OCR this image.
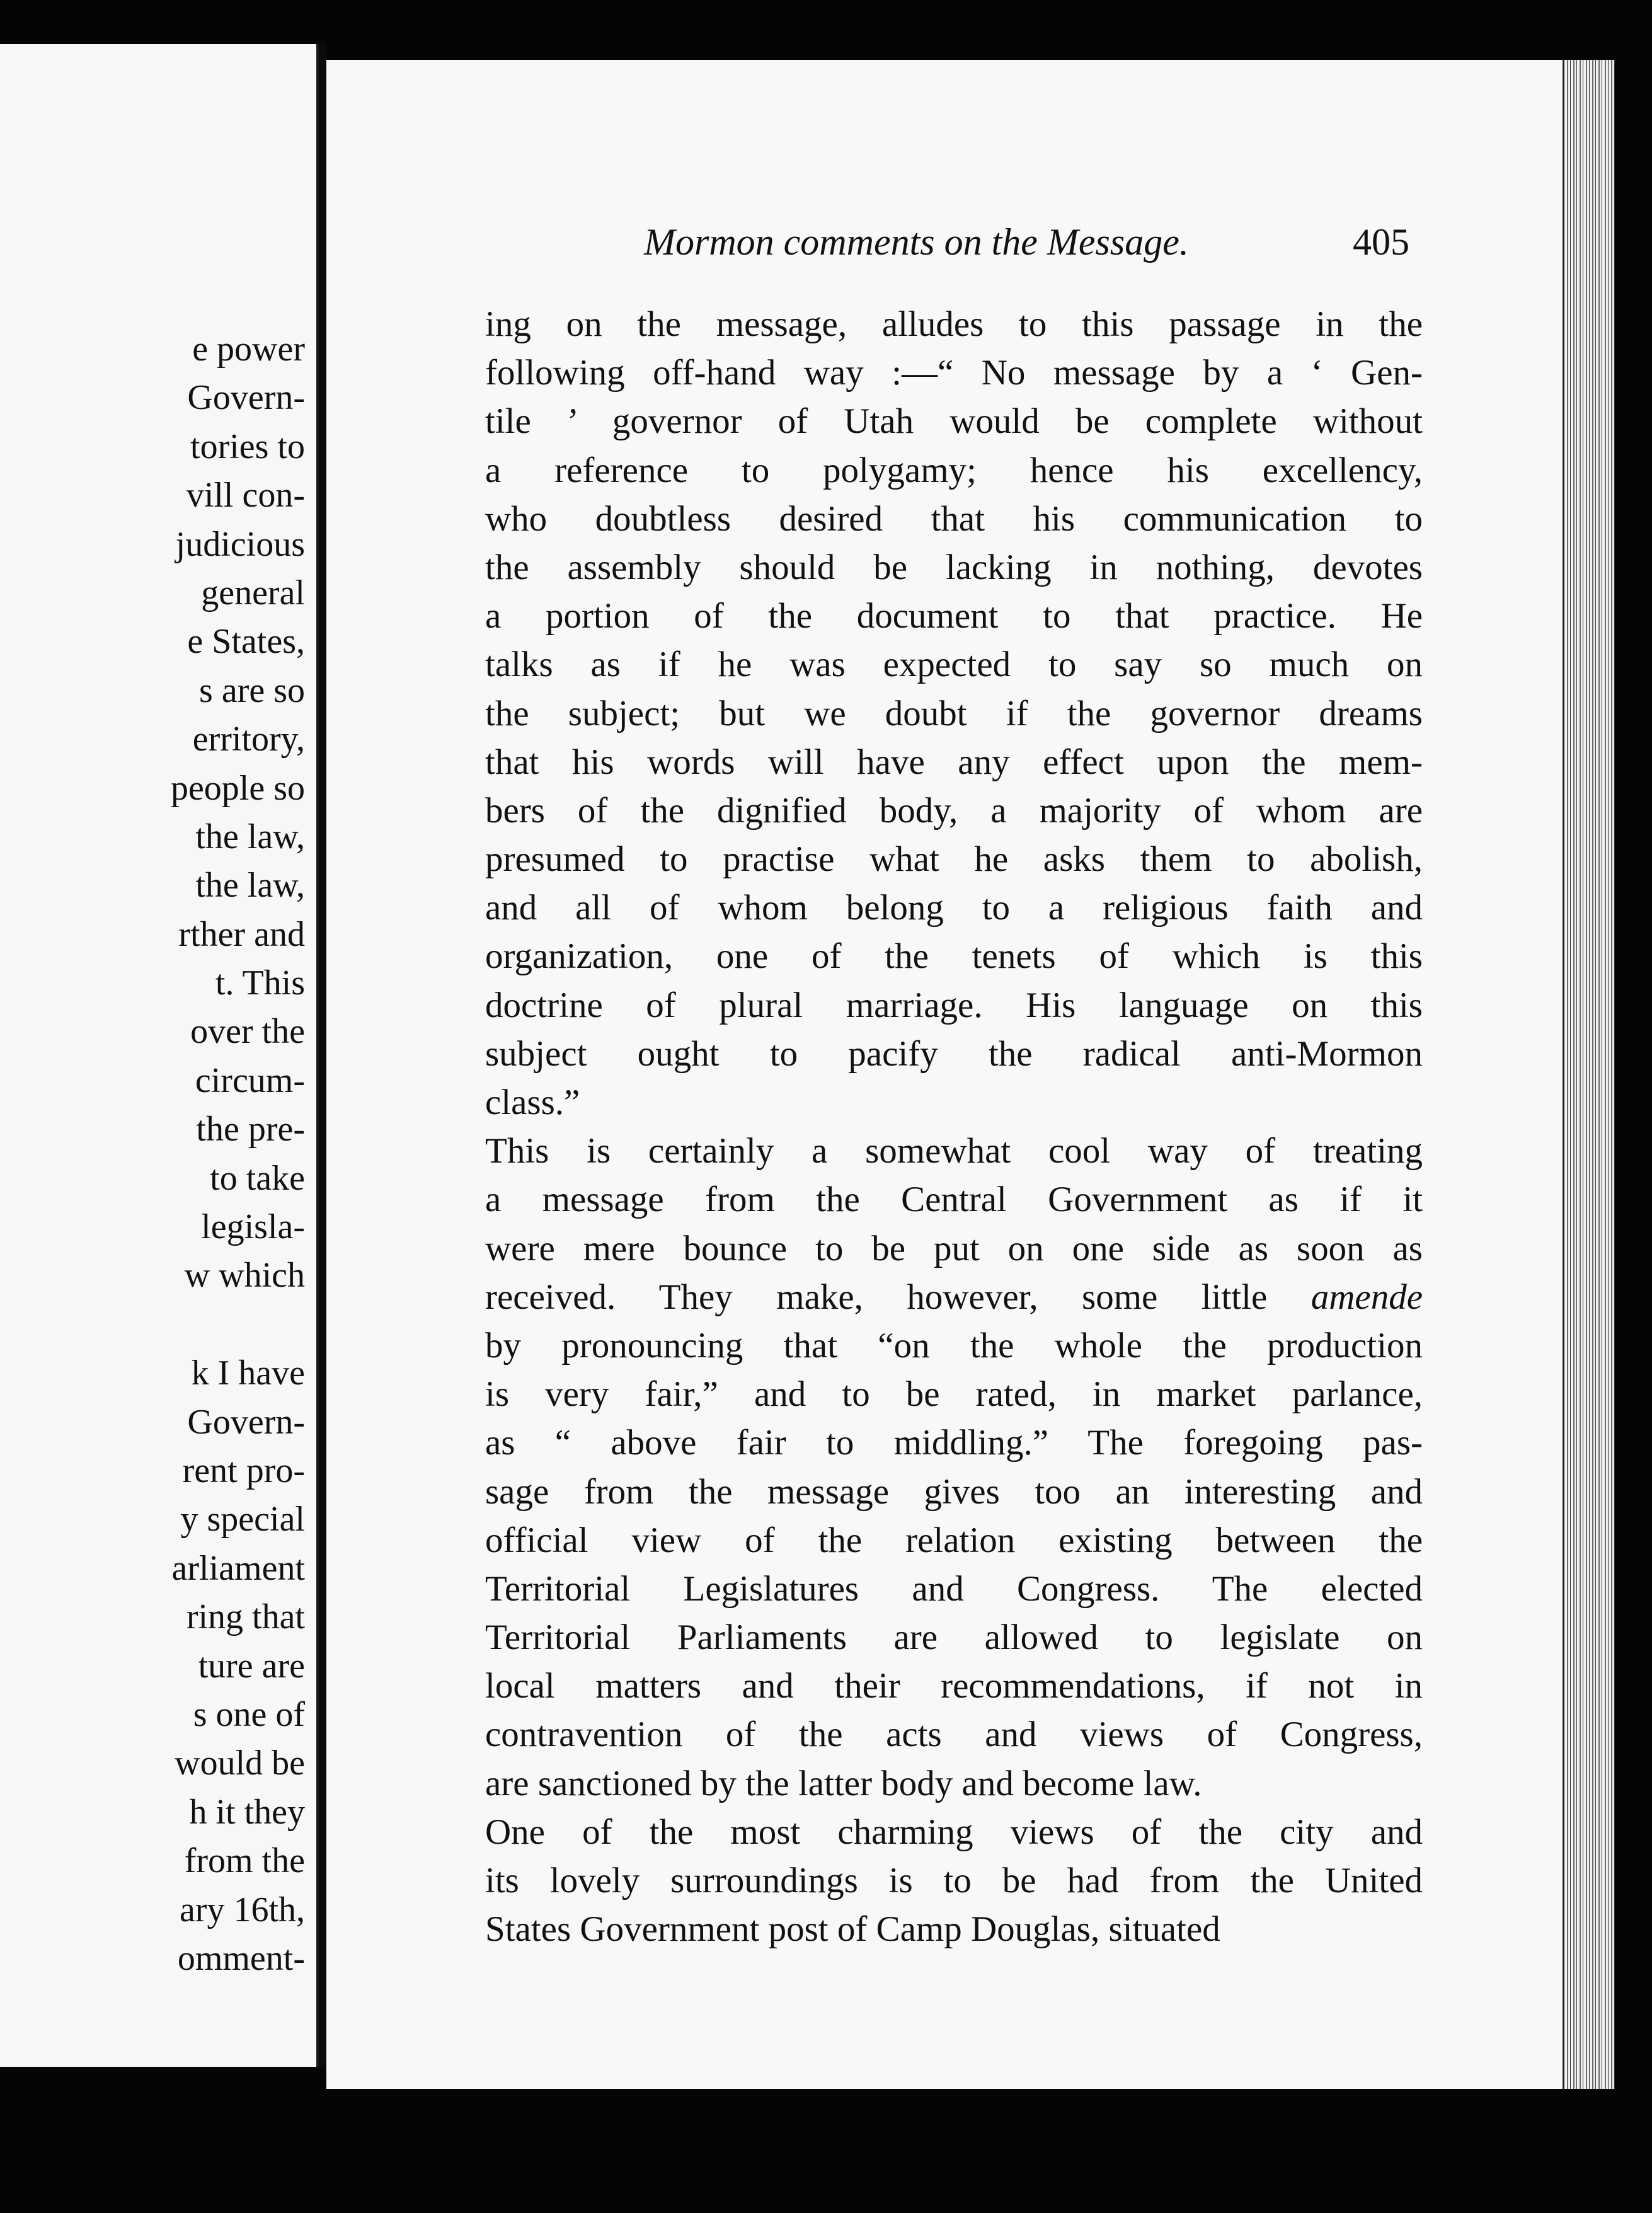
e power
Govern-
tories to
vill con-
judicious
general
e States,
s are so
erritory,
people so
the law,
the law,
rther and
t. This
over the
circum-
the pre-
to take
legisla-
w which
k I have
Govern-
rent pro-
y special
arliament
ring that
ture are
s one of
would be
h it they
from the
ary 16th,
omment-
Mormon comments on the Message.	405
ing on the message, alludes to this passage in the
following off-hand way :—“ No message by a ‘ Gen-
tile ’ governor of Utah would be complete without
a reference to polygamy; hence his excellency,
who doubtless desired that his communication to
the assembly should be lacking in nothing, devotes
a portion of the document to that practice. He
talks as if he was expected to say so much on
the subject; but we doubt if the governor dreams
that his words will have any effect upon the mem-
bers of the dignified body, a majority of whom are
presumed to practise what he asks them to abolish,
and all of whom belong to a religious faith and
organization, one of the tenets of which is this
doctrine of plural marriage. His language on this
subject ought to pacify the radical anti-Mormon
class.”
This is certainly a somewhat cool way of treating
a message from the Central Government as if it
were mere bounce to be put on one side as soon as
received. They make, however, some little amende
by pronouncing that “on the whole the production
is very fair,” and to be rated, in market parlance,
as “ above fair to middling.” The foregoing pas-
sage from the message gives too an interesting and
official view of the relation existing between the
Territorial Legislatures and Congress. The elected
Territorial Parliaments are allowed to legislate on
local matters and their recommendations, if not in
contravention of the acts and views of Congress,
are sanctioned by the latter body and become law.
One of the most charming views of the city and
its lovely surroundings is to be had from the United
States Government post of Camp Douglas, situated
